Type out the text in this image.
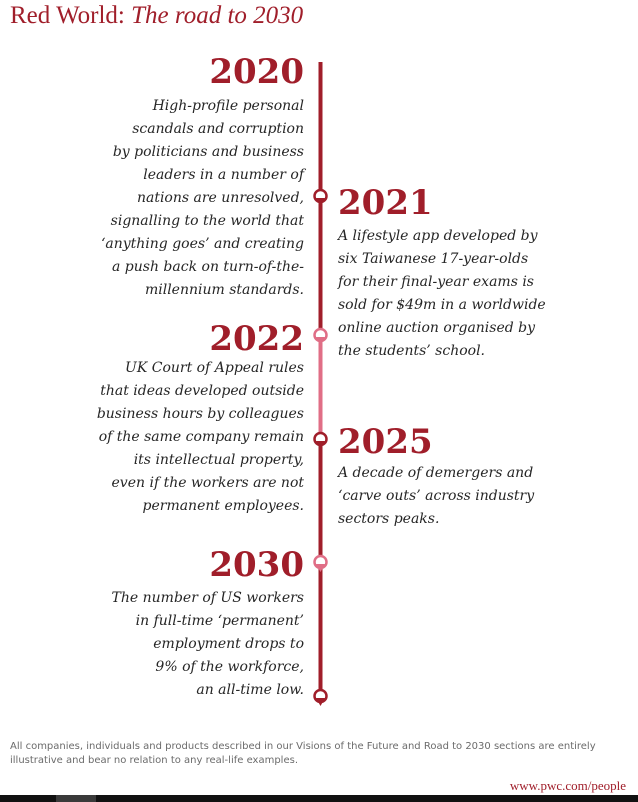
Red World: The road to 2030
2020
High-profile personal
scandals and corruption
by politicians and business
leaders in a number of
nations are unresolved,
signalling to the world that
‘anything goes’ and creating
a push back on turn-of-the-
millennium standards.
2021
A lifestyle app developed by
six Taiwanese 17-year-olds
for their final-year exams is
sold for $49m in a worldwide
online auction organised by
the students’ school.
2022
UK Court of Appeal rules
that ideas developed outside
business hours by colleagues
of the same company remain
its intellectual property,
even if the workers are not
permanent employees.
2025
A decade of demergers and
‘carve outs’ across industry
sectors peaks.
2030
The number of US workers
in full-time ‘permanent’
employment drops to
9% of the workforce,
an all-time low.
All companies, individuals and products described in our Visions of the Future and Road to 2030 sections are entirely illustrative and bear no relation to any real-life examples.
www.pwc.com/people
